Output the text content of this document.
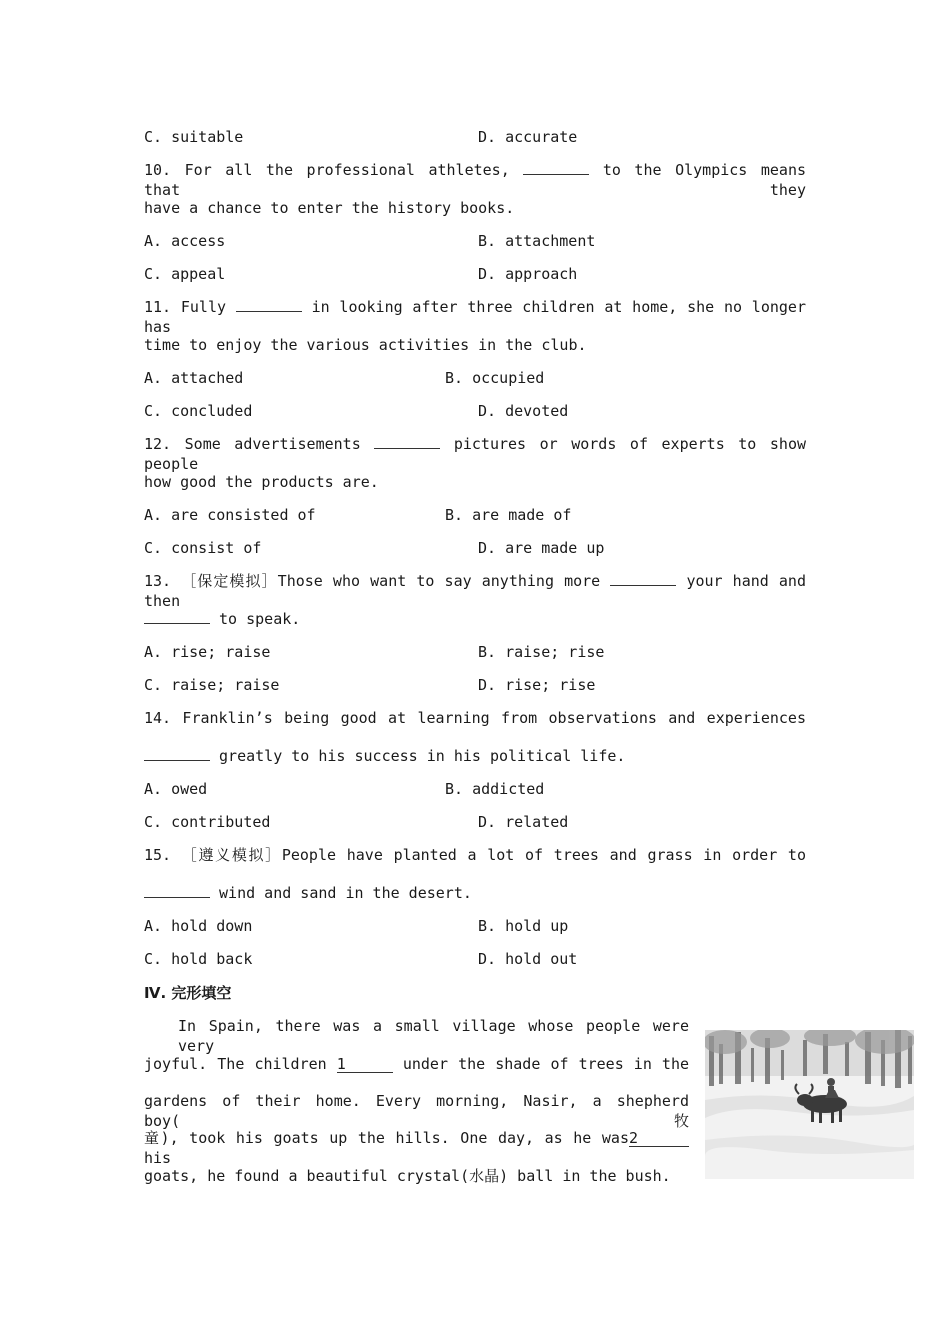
C. suitable	D. accurate
10. For all the professional athletes,	to the Olympics means that they
have a chance to enter the history books.
A. access	B. attachment
C. appeal	D. approach
11. Fully	in looking after three children at home, she no longer has
time to enjoy the various activities in the club.
A. attached	B. occupied
C. concluded	D. devoted
12. Some advertisements	pictures or words of experts to show people
how good the products are.
A. are consisted of	B. are made of
C. consist of	D. are made up
13. ［保定模拟］Those who want to say anything more	your hand and then
to speak.
A. rise; raise	B. raise; rise
C. raise; raise	D. rise; rise
14. Franklin’s being good at learning from observations and experiences
greatly to his success in his political life.
A. owed	B. addicted
C. contributed	D. related
15. ［遵义模拟］People have planted a lot of trees and grass in order to
wind and sand in the desert.
A. hold down	B. hold up
C. hold back	D. hold out
Ⅳ. 完形填空
In Spain, there was a small village whose people were very
joyful. The children 1	under the shade of trees in the
gardens of their home. Every morning, Nasir, a shepherd boy(牧
童), took his goats up the hills. One day, as he was2his
goats, he found a beautiful crystal(水晶) ball in the bush.
